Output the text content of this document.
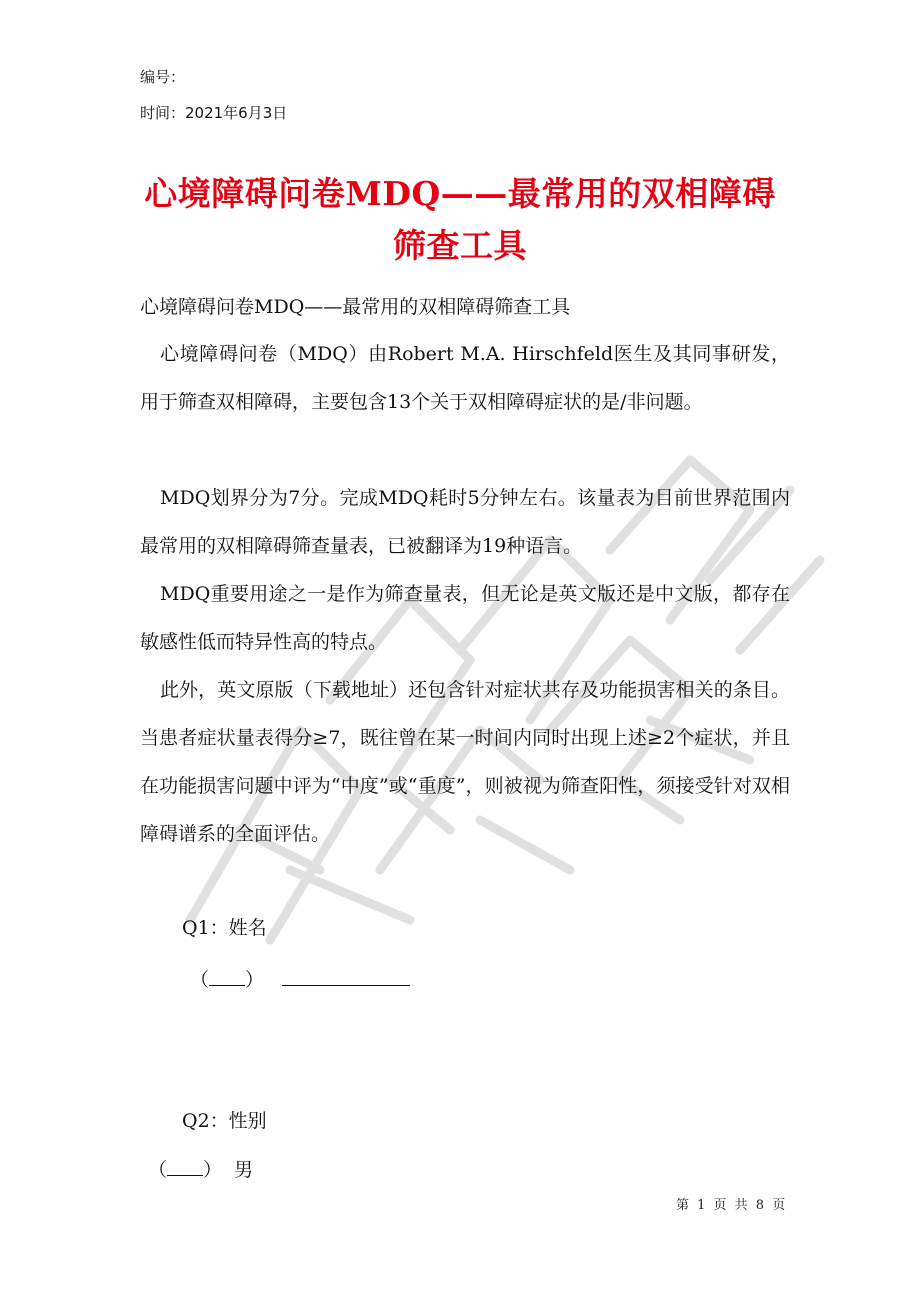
编号：
时间：2021年6月3日
心境障碍问卷MDQ——最常用的双相障碍筛查工具

心境障碍问卷MDQ——最常用的双相障碍筛查工具

心境障碍问卷（MDQ）由Robert M.A. Hirschfeld医生及其同事研发，用于筛查双相障碍，主要包含13个关于双相障碍症状的是/非问题。

MDQ划界分为7分。完成MDQ耗时5分钟左右。该量表为目前世界范围内最常用的双相障碍筛查量表，已被翻译为19种语言。

MDQ重要用途之一是作为筛查量表，但无论是英文版还是中文版，都存在敏感性低而特异性高的特点。

此外，英文原版（下载地址）还包含针对症状共存及功能损害相关的条目。当患者症状量表得分≥7，既往曾在某一时间内同时出现上述≥2个症状，并且在功能损害问题中评为“中度”或“重度”，则被视为筛查阳性，须接受针对双相障碍谱系的全面评估。

Q1：姓名
（ ）
Q2：性别
（ ） 男
第 1 页 共 8 页
